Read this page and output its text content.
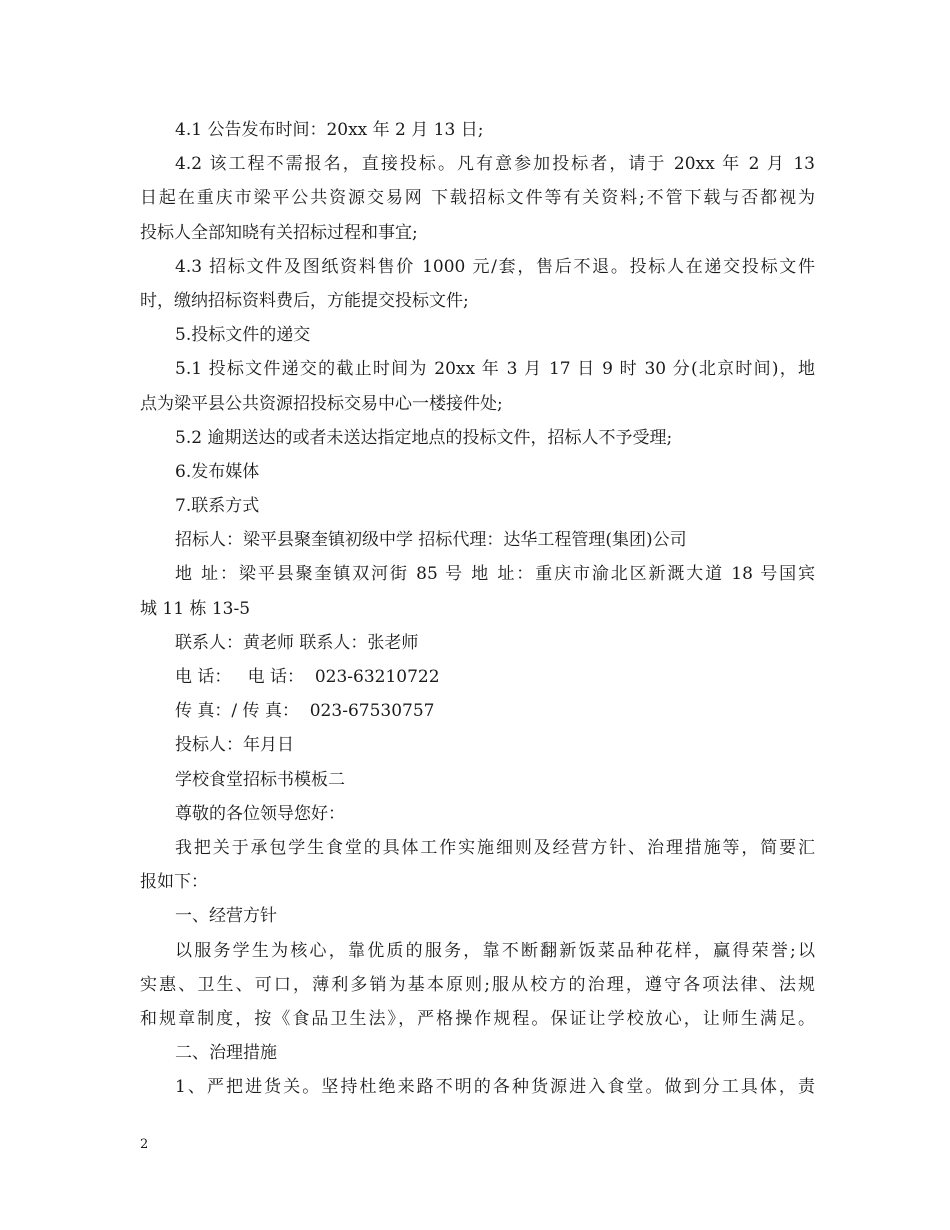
4.1 公告发布时间：20xx 年 2 月 13 日;
4.2 该工程不需报名，直接投标。凡有意参加投标者，请于 20xx 年 2 月 13
日起在重庆市梁平公共资源交易网 下载招标文件等有关资料;不管下载与否都视为
投标人全部知晓有关招标过程和事宜;
4.3 招标文件及图纸资料售价 1000 元/套，售后不退。投标人在递交投标文件
时，缴纳招标资料费后，方能提交投标文件;
5.投标文件的递交
5.1 投标文件递交的截止时间为 20xx 年 3 月 17 日 9 时 30 分(北京时间)，地
点为梁平县公共资源招投标交易中心一楼接件处;
5.2 逾期送达的或者未送达指定地点的投标文件，招标人不予受理;
6.发布媒体
7.联系方式
招标人：梁平县聚奎镇初级中学 招标代理：达华工程管理(集团)公司
地 址：梁平县聚奎镇双河街 85 号 地 址：重庆市渝北区新溉大道 18 号国宾
城 11 栋 13-5
联系人：黄老师 联系人：张老师
电 话：   电 话：  023-63210722
传 真：/ 传 真：  023-67530757
投标人：年月日
学校食堂招标书模板二
尊敬的各位领导您好：
我把关于承包学生食堂的具体工作实施细则及经营方针、治理措施等，简要汇
报如下：
一、经营方针
以服务学生为核心，靠优质的服务，靠不断翻新饭菜品种花样，赢得荣誉;以
实惠、卫生、可口，薄利多销为基本原则;服从校方的治理，遵守各项法律、法规
和规章制度，按《食品卫生法》，严格操作规程。保证让学校放心，让师生满足。
二、治理措施
1、严把进货关。坚持杜绝来路不明的各种货源进入食堂。做到分工具体，责
2
